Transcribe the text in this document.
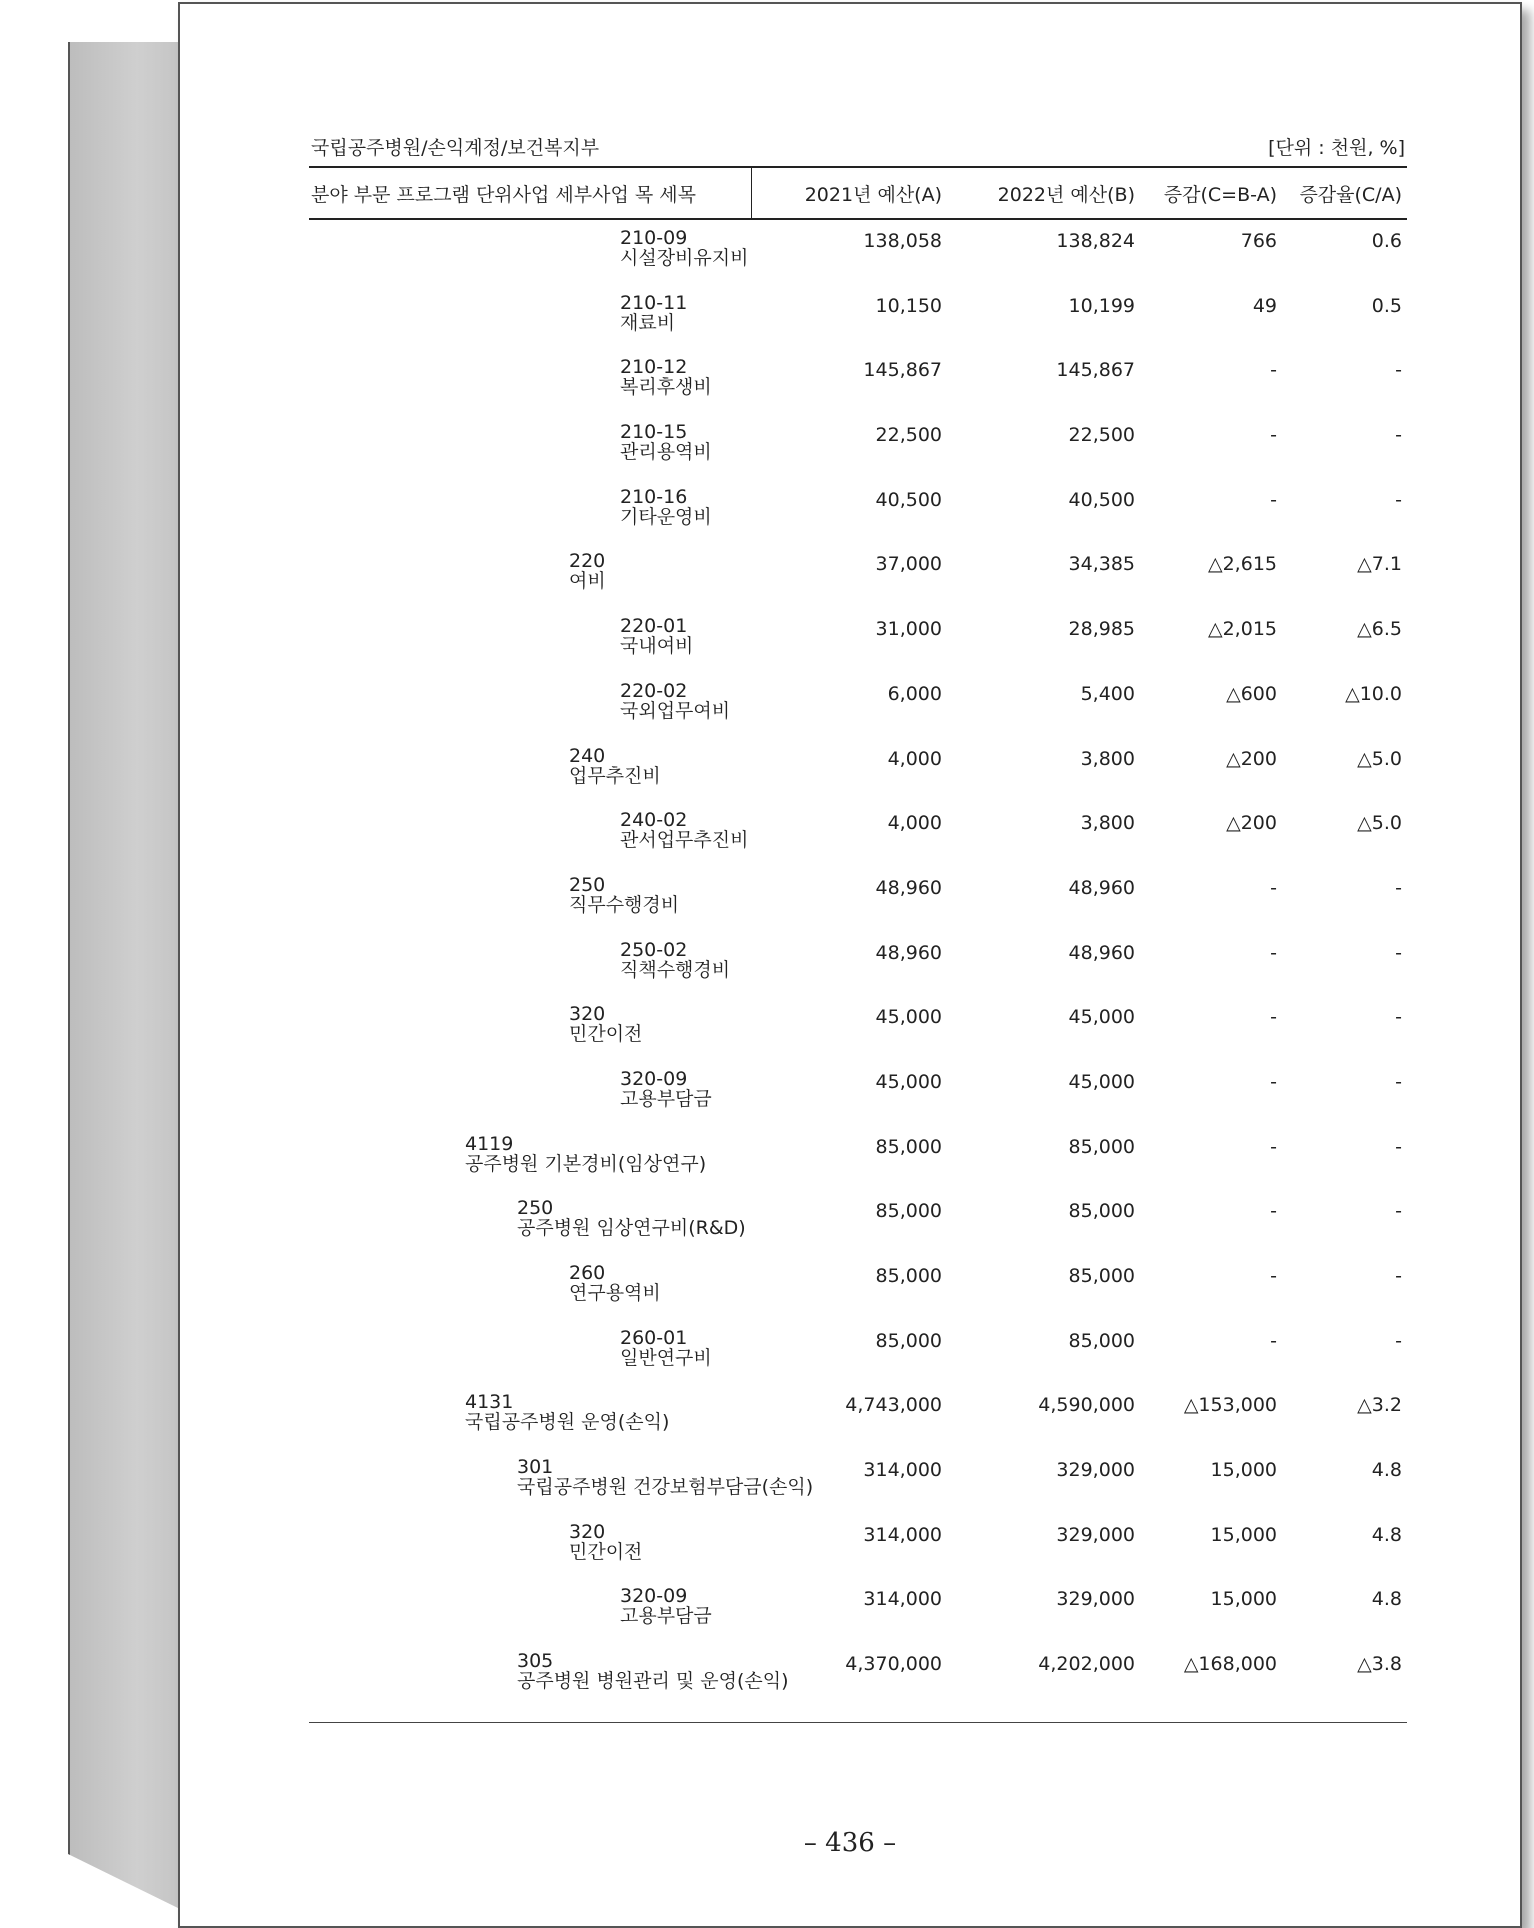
국립공주병원/손익계정/보건복지부	[단위 : 천원, %]
분야 부문 프로그램 단위사업 세부사업 목 세목	2021년 예산(A)	2022년 예산(B)	증감(C=B-A)	증감율(C/A)
210-09
시설장비유지비
138,058	138,824	766	0.6
210-11
재료비
10,150	10,199	49	0.5
210-12
복리후생비
145,867	145,867	-	-
210-15
관리용역비
22,500	22,500	-	-
210-16
기타운영비
40,500	40,500	-	-
220
여비
37,000	34,385	△2,615	△7.1
220-01
국내여비
31,000	28,985	△2,015	△6.5
220-02
국외업무여비
6,000	5,400	△600	△10.0
240
업무추진비
4,000	3,800	△200	△5.0
240-02
관서업무추진비
4,000	3,800	△200	△5.0
250
직무수행경비
48,960	48,960	-	-
250-02
직책수행경비
48,960	48,960	-	-
320
민간이전
45,000	45,000	-	-
320-09
고용부담금
45,000	45,000	-	-
4119
공주병원 기본경비(임상연구)
85,000	85,000	-	-
250
공주병원 임상연구비(R&D)
85,000	85,000	-	-
260
연구용역비
85,000	85,000	-	-
260-01
일반연구비
85,000	85,000	-	-
4131
국립공주병원 운영(손익)
4,743,000	4,590,000	△153,000	△3.2
301
국립공주병원 건강보험부담금(손익)
314,000	329,000	15,000	4.8
320
민간이전
314,000	329,000	15,000	4.8
320-09
고용부담금
314,000	329,000	15,000	4.8
305
공주병원 병원관리 및 운영(손익)
4,370,000	4,202,000	△168,000	△3.8
– 436 –
